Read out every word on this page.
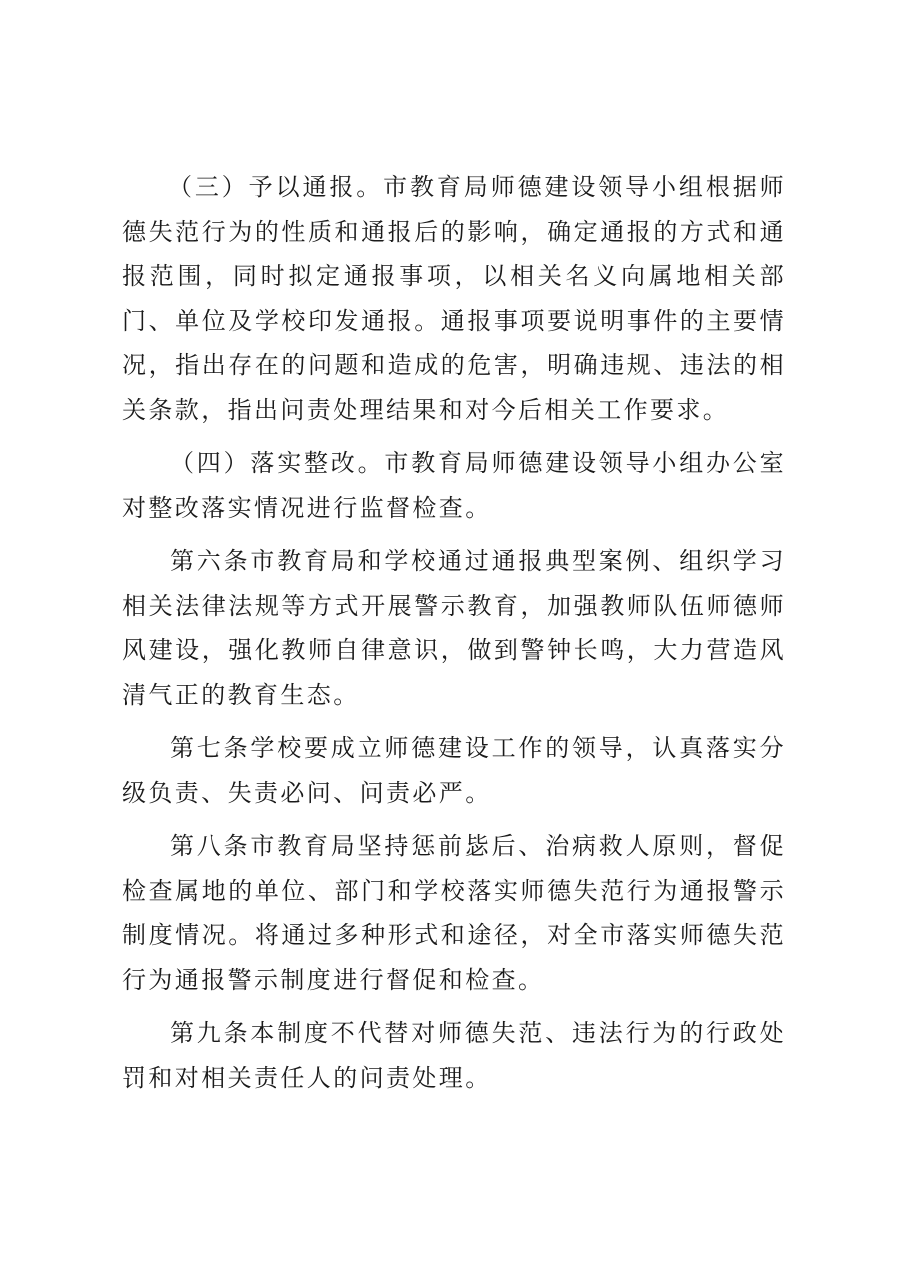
（三）予以通报。市教育局师德建设领导小组根据师德失范行为的性质和通报后的影响，确定通报的方式和通报范围，同时拟定通报事项，以相关名义向属地相关部门、单位及学校印发通报。通报事项要说明事件的主要情况，指出存在的问题和造成的危害，明确违规、违法的相关条款，指出问责处理结果和对今后相关工作要求。

（四）落实整改。市教育局师德建设领导小组办公室对整改落实情况进行监督检查。

第六条市教育局和学校通过通报典型案例、组织学习相关法律法规等方式开展警示教育，加强教师队伍师德师风建设，强化教师自律意识，做到警钟长鸣，大力营造风清气正的教育生态。

第七条学校要成立师德建设工作的领导，认真落实分级负责、失责必问、问责必严。

第八条市教育局坚持惩前毖后、治病救人原则，督促检查属地的单位、部门和学校落实师德失范行为通报警示制度情况。将通过多种形式和途径，对全市落实师德失范行为通报警示制度进行督促和检查。

第九条本制度不代替对师德失范、违法行为的行政处罚和对相关责任人的问责处理。
